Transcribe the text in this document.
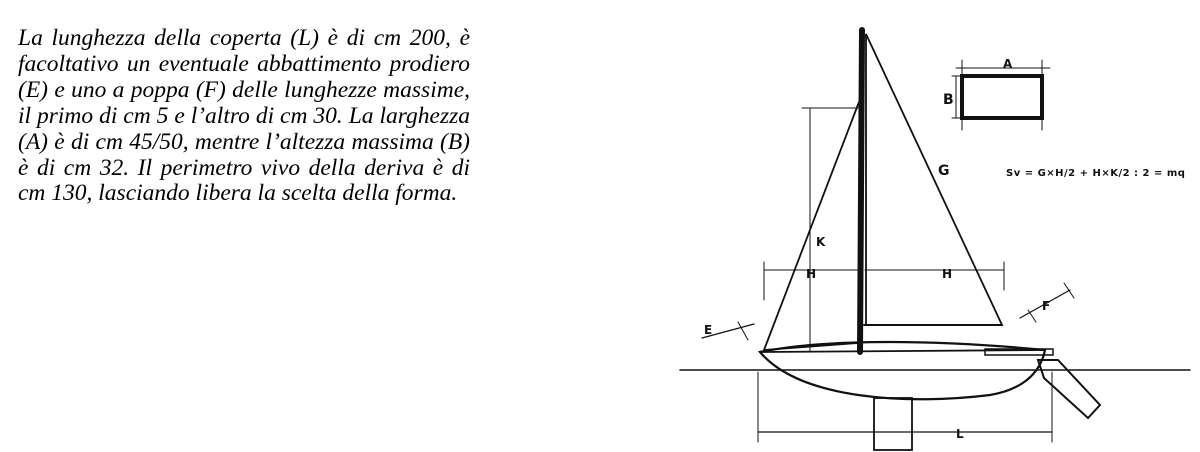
La lunghezza della coperta (L) è di cm 200, è facoltativo un eventuale abbattimento prodiero (E) e uno a poppa (F) delle lunghezze massime, il primo di cm 5 e l’altro di cm 30. La larghezza (A) è di cm 45/50, mentre l’altezza massima (B) è di cm 32. Il perimetro vivo della deriva è di cm 130, lasciando libera la scelta della forma.
A
B
G
H	H
K
E
F
L
Sv = G×H/2 + H×K/2 : 2 = mq
